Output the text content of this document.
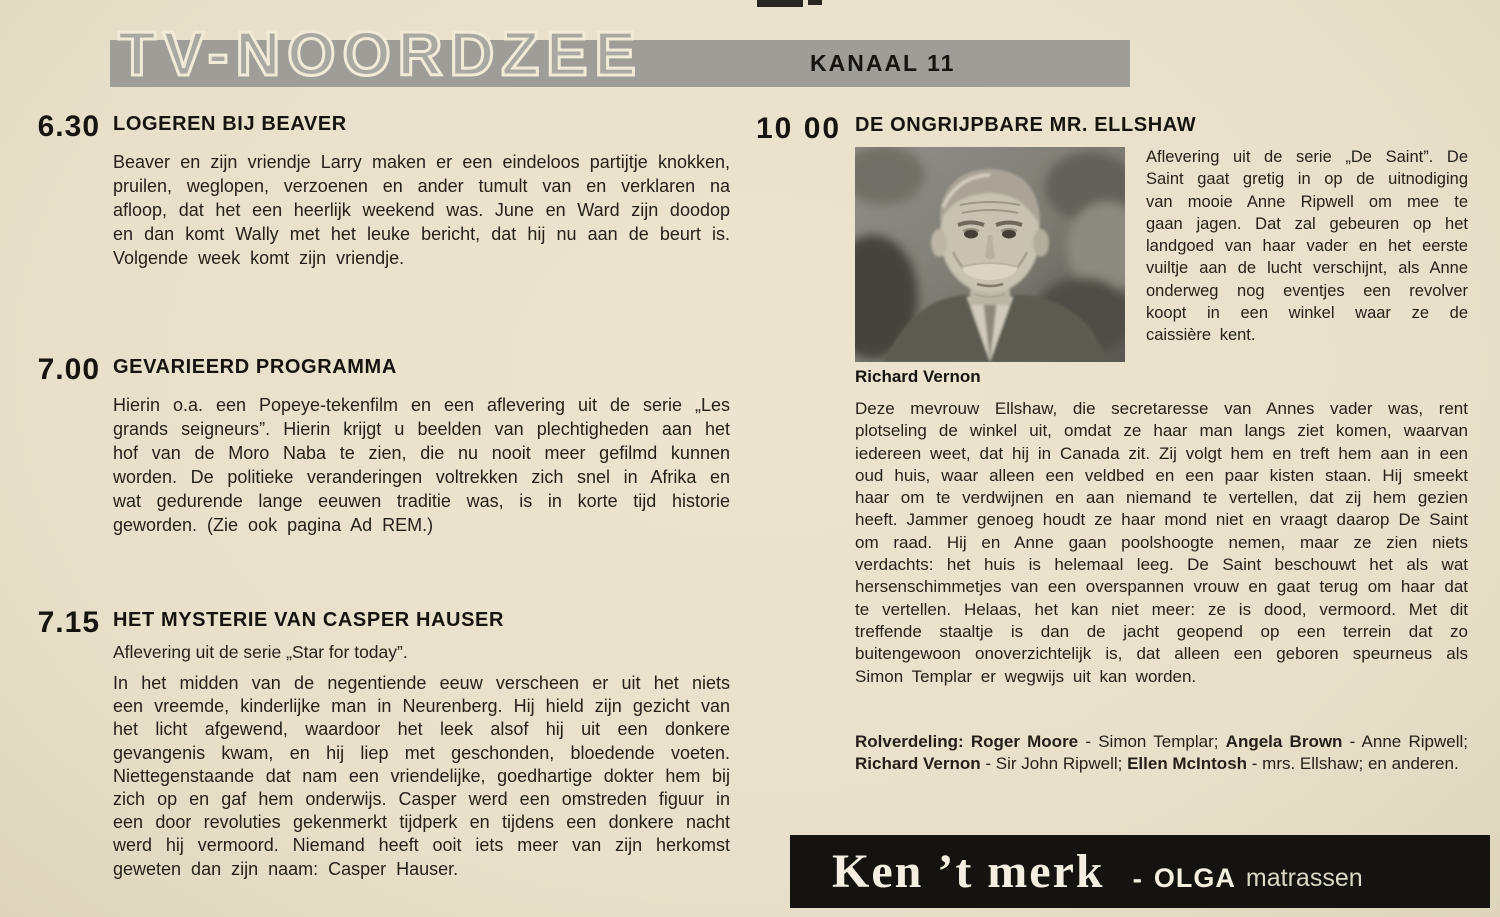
TV-NOORDZEE	KANAAL 11
6.30 LOGEREN BIJ BEAVER

Beaver en zijn vriendje Larry maken er een eindeloos partijtje knokken, pruilen, weglopen, verzoenen en ander tumult van en verklaren na afloop, dat het een heerlijk weekend was. June en Ward zijn doodop en dan komt Wally met het leuke bericht, dat hij nu aan de beurt is. Volgende week komt zijn vriendje.

7.00 GEVARIEERD PROGRAMMA

Hierin o.a. een Popeye-tekenfilm en een aflevering uit de serie „Les grands seigneurs”. Hierin krijgt u beelden van plechtigheden aan het hof van de Moro Naba te zien, die nu nooit meer gefilmd kunnen worden. De politieke veranderingen voltrekken zich snel in Afrika en wat gedurende lange eeuwen traditie was, is in korte tijd historie geworden. (Zie ook pagina Ad REM.)

7.15 HET MYSTERIE VAN CASPER HAUSER

Aflevering uit de serie „Star for today”.

In het midden van de negentiende eeuw verscheen er uit het niets een vreemde, kinderlijke man in Neurenberg. Hij hield zijn gezicht van het licht afgewend, waardoor het leek alsof hij uit een donkere gevangenis kwam, en hij liep met geschonden, bloedende voeten. Niettegenstaande dat nam een vriendelijke, goedhartige dokter hem bij zich op en gaf hem onderwijs. Casper werd een omstreden figuur in een door revoluties gekenmerkt tijdperk en tijdens een donkere nacht werd hij vermoord. Niemand heeft ooit iets meer van zijn herkomst geweten dan zijn naam: Casper Hauser.

10 00 DE ONGRIJPBARE MR. ELLSHAW
Richard Vernon

Aflevering uit de serie „De Saint”. De Saint gaat gretig in op de uitnodiging van mooie Anne Ripwell om mee te gaan jagen. Dat zal gebeuren op het landgoed van haar vader en het eerste vuiltje aan de lucht verschijnt, als Anne onderweg nog eventjes een revolver koopt in een winkel waar ze de caissière kent.

Deze mevrouw Ellshaw, die secretaresse van Annes vader was, rent plotseling de winkel uit, omdat ze haar man langs ziet komen, waarvan iedereen weet, dat hij in Canada zit. Zij volgt hem en treft hem aan in een oud huis, waar alleen een veldbed en een paar kisten staan. Hij smeekt haar om te verdwijnen en aan niemand te vertellen, dat zij hem gezien heeft. Jammer genoeg houdt ze haar mond niet en vraagt daarop De Saint om raad. Hij en Anne gaan poolshoogte nemen, maar ze zien niets verdachts: het huis is helemaal leeg. De Saint beschouwt het als wat hersenschimmetjes van een overspannen vrouw en gaat terug om haar dat te vertellen. Helaas, het kan niet meer: ze is dood, vermoord. Met dit treffende staaltje is dan de jacht geopend op een terrein dat zo buitengewoon onoverzichtelijk is, dat alleen een geboren speurneus als Simon Templar er wegwijs uit kan worden.

Rolverdeling: Roger Moore - Simon Templar; Angela Brown - Anne Ripwell; Richard Vernon - Sir John Ripwell; Ellen McIntosh - mrs. Ellshaw; en anderen.

Ken ’t merk - OLGA matrassen
